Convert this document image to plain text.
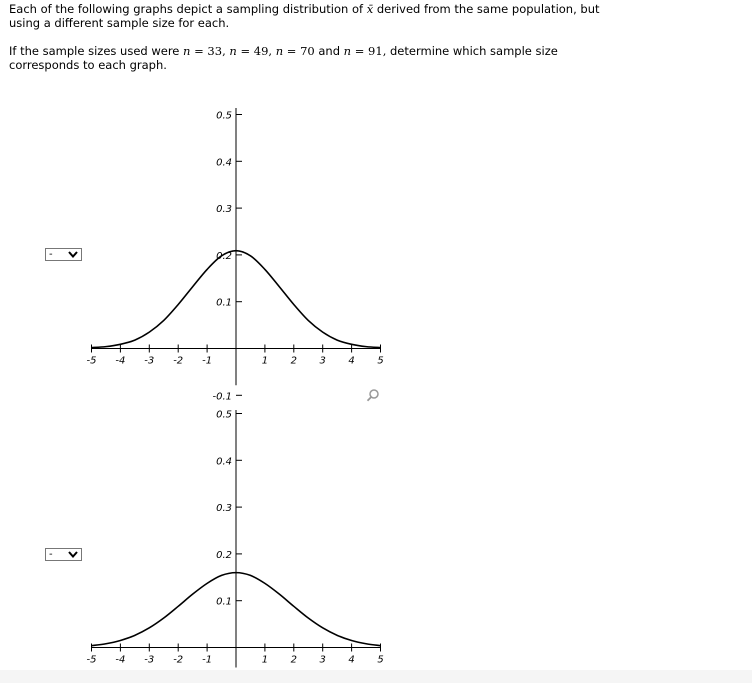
Each of the following graphs depict a sampling distribution of x̄ derived from the same population, but
using a different sample size for each.

If the sample sizes used were n = 33, n = 49, n = 70 and n = 91, determine which sample size
corresponds to each graph.

-
-
-5 -4 -3 -2 -1	1 2 3 4 5
-0.1
0.1
0.2
0.3
0.4
0.5
-5 -4 -3 -2 -1	1 2 3 4 5
0.1
0.2
0.3
0.4
0.5
